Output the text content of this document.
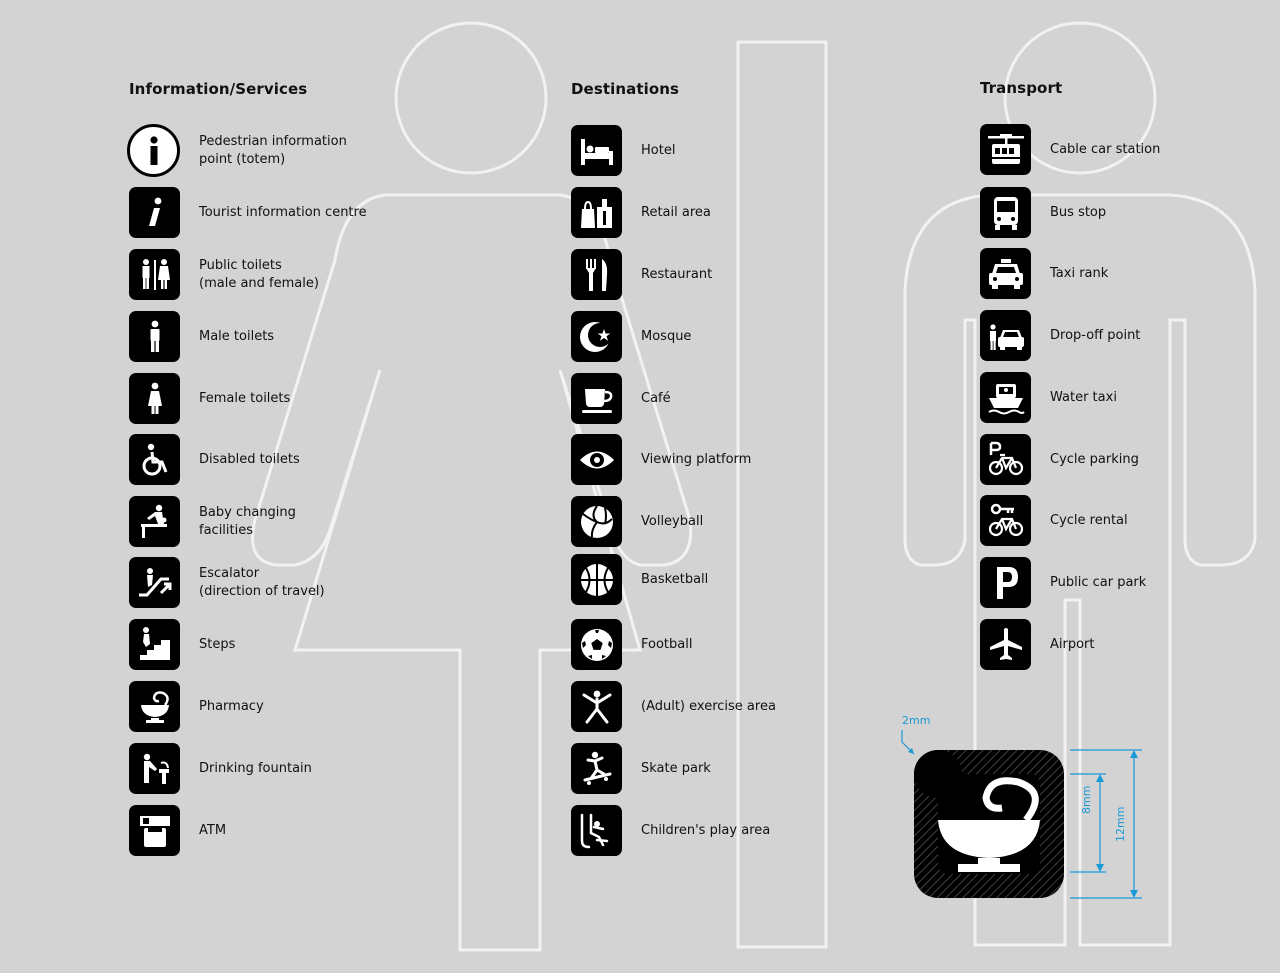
Information/Services	Destinations	Transport
Pedestrian information
point (totem)
Tourist information centre
Public toilets
(male and female)
Male toilets
Female toilets
Disabled toilets
Baby changing
facilities
Escalator
(direction of travel)
Steps
Pharmacy
Drinking fountain
ATM
Hotel
Retail area
Restaurant
Mosque
Café
Viewing platform
Volleyball
Basketball
Football
(Adult) exercise area
Skate park
Children's play area
Cable car station
Bus stop
Taxi rank
Drop-off point
Water taxi
Cycle parking
Cycle rental
Public car park
Airport
2mm
8mm
12mm
